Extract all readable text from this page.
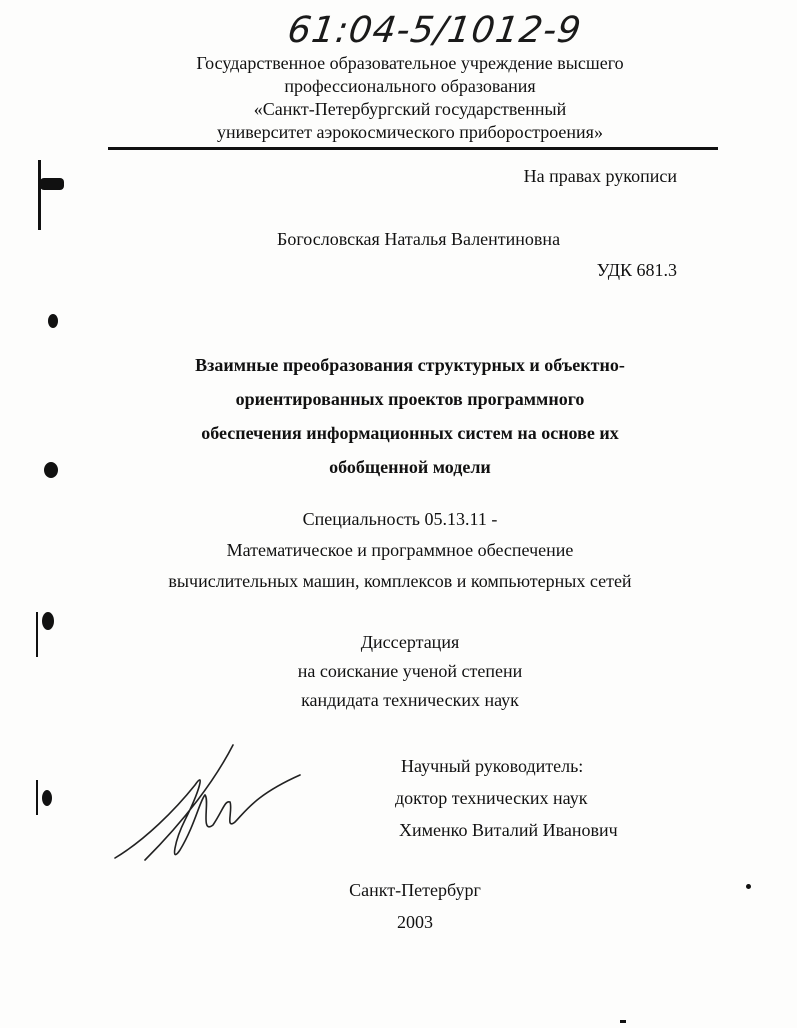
61:04-5/1012-9
Государственное образовательное учреждение высшего
профессионального образования
«Санкт-Петербургский государственный
университет аэрокосмического приборостроения»
На правах рукописи
Богословская Наталья Валентиновна
УДК 681.3
Взаимные преобразования структурных и объектно-
ориентированных проектов программного
обеспечения информационных систем на основе их
обобщенной модели
Специальность 05.13.11 -
Математическое и программное обеспечение
вычислительных машин, комплексов и компьютерных сетей
Диссертация
на соискание ученой степени
кандидата технических наук
Научный руководитель:
доктор технических наук
Хименко Виталий Иванович
Санкт-Петербург
2003
